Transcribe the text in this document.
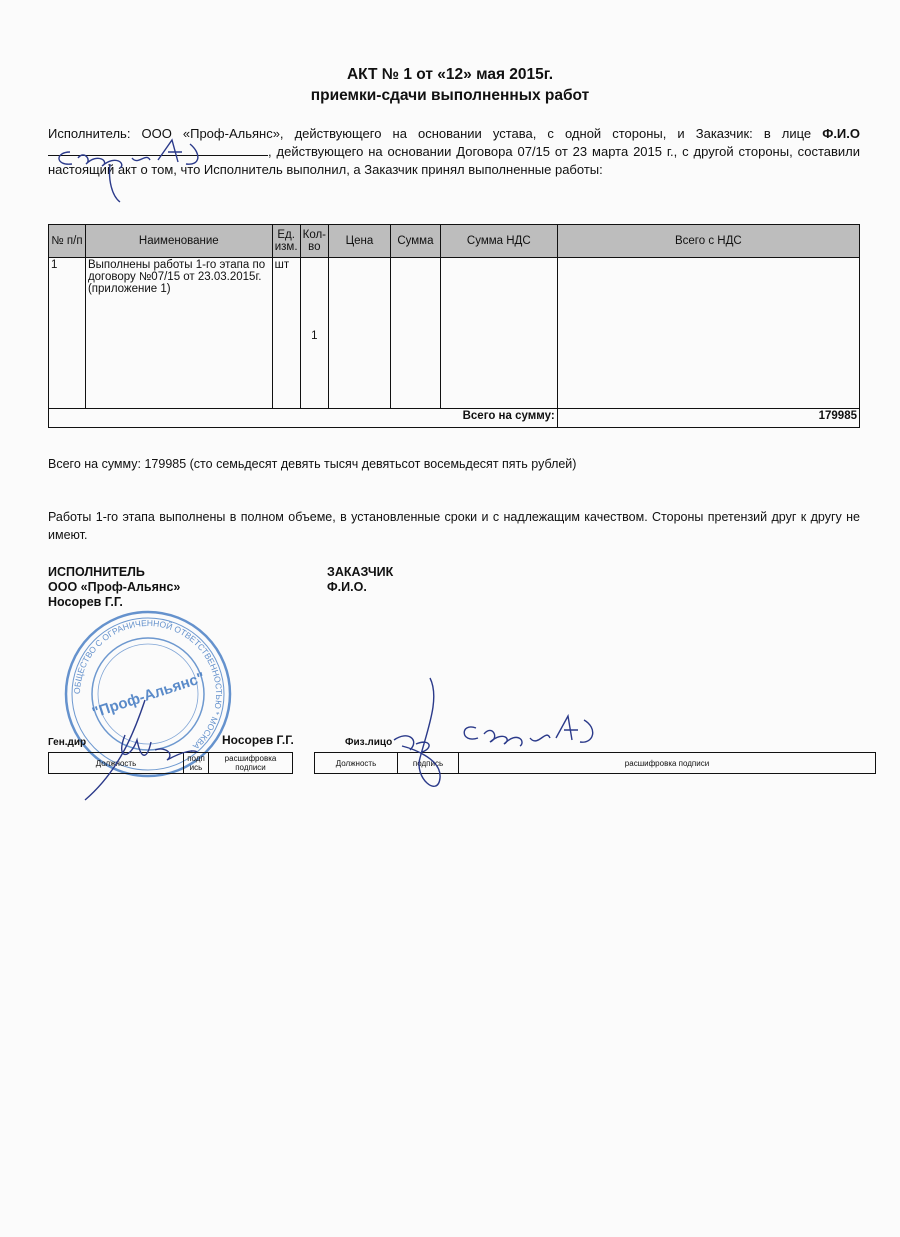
АКТ № 1 от «12» мая 2015г.
приемки-сдачи выполненных работ
Исполнитель: ООО «Проф-Альянс», действующего на основании устава, с одной стороны, и Заказчик: в лице Ф.И.О , действующего на основании Договора 07/15 от 23 марта 2015 г., с другой стороны, составили настоящий акт о том, что Исполнитель выполнил, а Заказчик принял выполненные работы:
№ п/п	Наименование	Ед. изм.	Кол-во	Цена	Сумма	Сумма НДС	Всего с НДС
1	Выполнены работы 1-го этапа по договору №07/15 от 23.03.2015г. (приложение 1)	шт	1				
Всего на сумму:							179985
Всего на сумму: 179985 (сто семьдесят девять тысяч девятьсот восемьдесят пять рублей)
Работы 1-го этапа выполнены в полном объеме, в установленные сроки и с надлежащим качеством. Стороны претензий друг к другу не имеют.
ИСПОЛНИТЕЛЬ
ООО «Проф-Альянс»
Носорев Г.Г.
ЗАКАЗЧИК
Ф.И.О.
ОБЩЕСТВО С ОГРАНИЧЕННОЙ ОТВЕТСТВЕННОСТЬЮ * МОСКВА *
"Проф-Альянс"
Ген.дир	Носорев Г.Г.
Должность	подп ись	расшифровка подписи
Физ.лицо
Должность	подпись	расшифровка подписи
